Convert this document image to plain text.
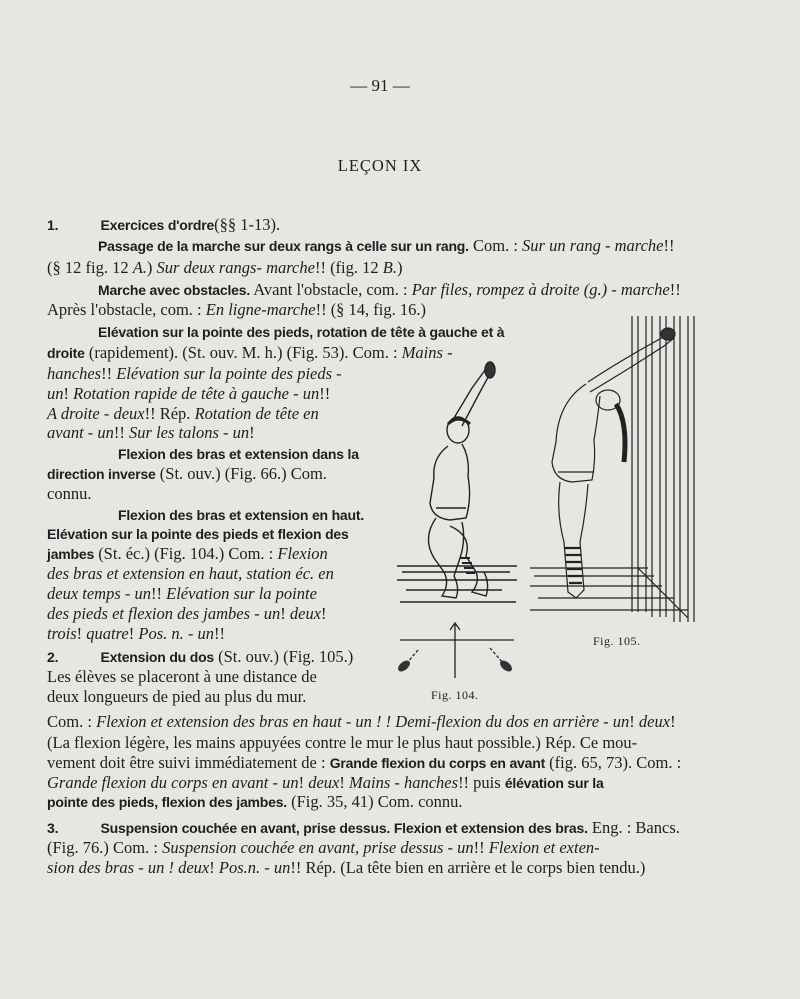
— 91 —
LEÇON IX
1.	Exercices d'ordre(§§ 1-13).
Passage de la marche sur deux rangs à celle sur un rang. Com. : Sur un rang - marche!!
(§ 12 fig. 12 A.) Sur deux rangs- marche!! (fig. 12 B.)
Marche avec obstacles. Avant l'obstacle, com. : Par files, rompez à droite (g.) - marche!!
Après l'obstacle, com. : En ligne-marche!! (§ 14, fig. 16.)
Elévation sur la pointe des pieds, rotation de tête à gauche et à
droite (rapidement). (St. ouv. M. h.) (Fig. 53). Com. : Mains -
hanches!! Elévation sur la pointe des pieds -
un! Rotation rapide de tête à gauche - un!!
A droite - deux!! Rép. Rotation de tête en
avant - un!! Sur les talons - un!
Flexion des bras et extension dans la
direction inverse (St. ouv.) (Fig. 66.) Com.
connu.
Flexion des bras et extension en haut.
Elévation sur la pointe des pieds et flexion des
jambes (St. éc.) (Fig. 104.) Com. : Flexion
des bras et extension en haut, station éc. en
deux temps - un!! Elévation sur la pointe
des pieds et flexion des jambes - un! deux!
trois! quatre! Pos. n. - un!!
2.	Extension du dos (St. ouv.) (Fig. 105.)
Les élèves se placeront à une distance de
deux longueurs de pied au plus du mur.
Com. : Flexion et extension des bras en haut - un ! ! Demi-flexion du dos en arrière - un! deux!
(La flexion légère, les mains appuyées contre le mur le plus haut possible.) Rép. Ce mou-
vement doit être suivi immédiatement de : Grande flexion du corps en avant (fig. 65, 73). Com. :
Grande flexion du corps en avant - un! deux! Mains - hanches!! puis élévation sur la
pointe des pieds, flexion des jambes. (Fig. 35, 41) Com. connu.
3.	Suspension couchée en avant, prise dessus. Flexion et extension des bras. Eng. : Bancs.
(Fig. 76.) Com. : Suspension couchée en avant, prise dessus - un!! Flexion et exten-
sion des bras - un ! deux! Pos.n. - un!! Rép. (La tête bien en arrière et le corps bien tendu.)
Fig. 104.
Fig. 105.
